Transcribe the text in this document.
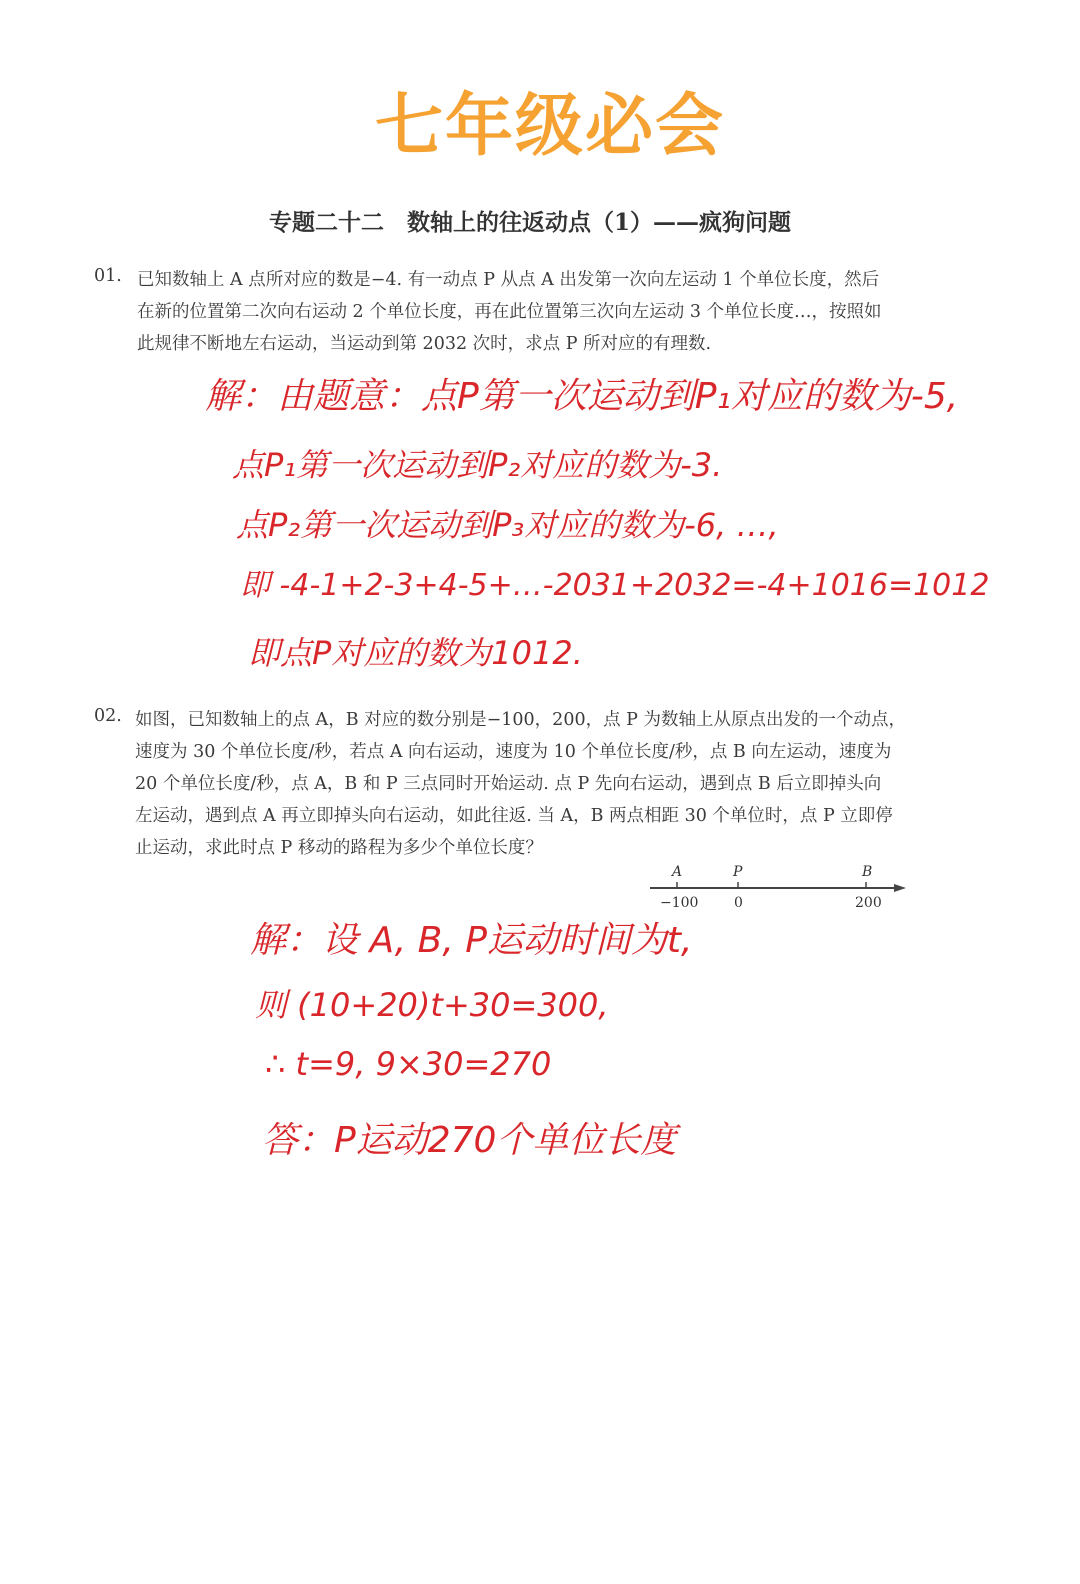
七年级必会
专题二十二　数轴上的往返动点（1）——疯狗问题
01. 已知数轴上 A 点所对应的数是−4. 有一动点 P 从点 A 出发第一次向左运动 1 个单位长度，然后
在新的位置第二次向右运动 2 个单位长度，再在此位置第三次向左运动 3 个单位长度…，按照如
此规律不断地左右运动，当运动到第 2032 次时，求点 P 所对应的有理数.
解：由题意：点P第一次运动到P₁对应的数为-5,
点P₁第一次运动到P₂对应的数为-3.
点P₂第一次运动到P₃对应的数为-6, …,
即 -4-1+2-3+4-5+…-2031+2032=-4+1016=1012
即点P对应的数为1012.
02. 如图，已知数轴上的点 A，B 对应的数分别是−100，200，点 P 为数轴上从原点出发的一个动点，
速度为 30 个单位长度/秒，若点 A 向右运动，速度为 10 个单位长度/秒，点 B 向左运动，速度为
20 个单位长度/秒，点 A，B 和 P 三点同时开始运动. 点 P 先向右运动，遇到点 B 后立即掉头向
左运动，遇到点 A 再立即掉头向右运动，如此往返. 当 A，B 两点相距 30 个单位时，点 P 立即停
止运动，求此时点 P 移动的路程为多少个单位长度？
A	P	B
−100	0	200
解：设 A, B, P运动时间为t,
则 (10+20)t+30=300,
∴ t=9, 9×30=270
答：P运动270个单位长度
